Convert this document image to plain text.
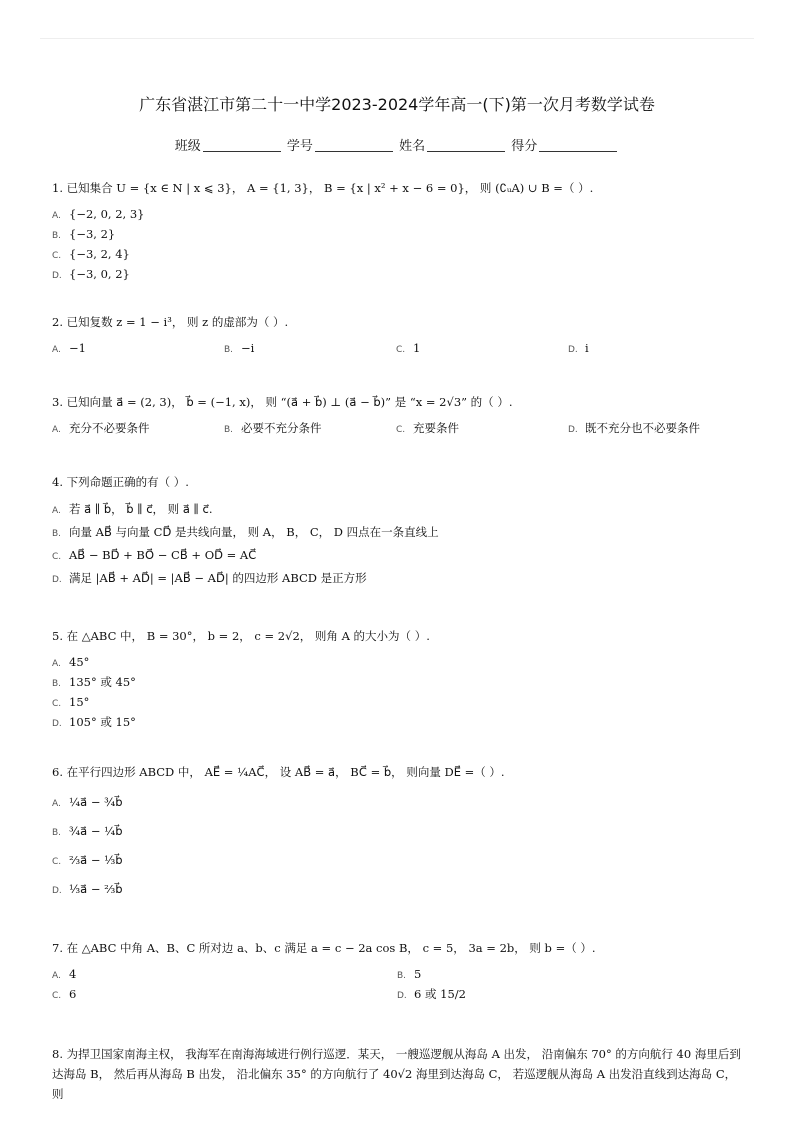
广东省湛江市第二十一中学2023-2024学年高一(下)第一次月考数学试卷
班级	学号	姓名	得分
1. 已知集合 U = {x ∈ N | x ⩽ 3}， A = {1, 3}， B = {x | x² + x − 6 = 0}， 则 (∁ᵤA) ∪ B =（ ）.
A. {−2, 0, 2, 3}
B. {−3, 2}
C. {−3, 2, 4}
D. {−3, 0, 2}
2. 已知复数 z = 1 − i³， 则 z 的虚部为（ ）.
A. −1	B. −i	C. 1	D. i
3. 已知向量 a⃗ = (2, 3)， b⃗ = (−1, x)， 则 “(a⃗ + b⃗) ⊥ (a⃗ − b⃗)” 是 “x = 2√3” 的（ ）.
A. 充分不必要条件	B. 必要不充分条件	C. 充要条件	D. 既不充分也不必要条件
4. 下列命题正确的有（ ）.
A. 若 a⃗ ∥ b⃗， b⃗ ∥ c⃗， 则 a⃗ ∥ c⃗.
B. 向量 AB⃗ 与向量 CD⃗ 是共线向量， 则 A， B， C， D 四点在一条直线上
C. AB⃗ − BD⃗ + BO⃗ − CB⃗ + OD⃗ = AC⃗
D. 满足 |AB⃗ + AD⃗| = |AB⃗ − AD⃗| 的四边形 ABCD 是正方形
5. 在 △ABC 中， B = 30°， b = 2， c = 2√2， 则角 A 的大小为（ ）.
A. 45°
B. 135° 或 45°
C. 15°
D. 105° 或 15°
6. 在平行四边形 ABCD 中， AE⃗ = ¼AC⃗， 设 AB⃗ = a⃗， BC⃗ = b⃗， 则向量 DE⃗ =（ ）.
A. ¼a⃗ − ¾b⃗
B. ¾a⃗ − ¼b⃗
C. ⅔a⃗ − ⅓b⃗
D. ⅓a⃗ − ⅔b⃗
7. 在 △ABC 中角 A、B、C 所对边 a、b、c 满足 a = c − 2a cos B， c = 5， 3a = 2b， 则 b =（ ）.
A. 4	B. 5
C. 6	D. 6 或 15/2
8. 为捍卫国家南海主权， 我海军在南海海域进行例行巡逻．某天， 一艘巡逻舰从海岛 A 出发， 沿南偏东 70° 的方向航行 40 海里后到达海岛 B， 然后再从海岛 B 出发， 沿北偏东 35° 的方向航行了 40√2 海里到达海岛 C， 若巡逻舰从海岛 A 出发沿直线到达海岛 C， 则
